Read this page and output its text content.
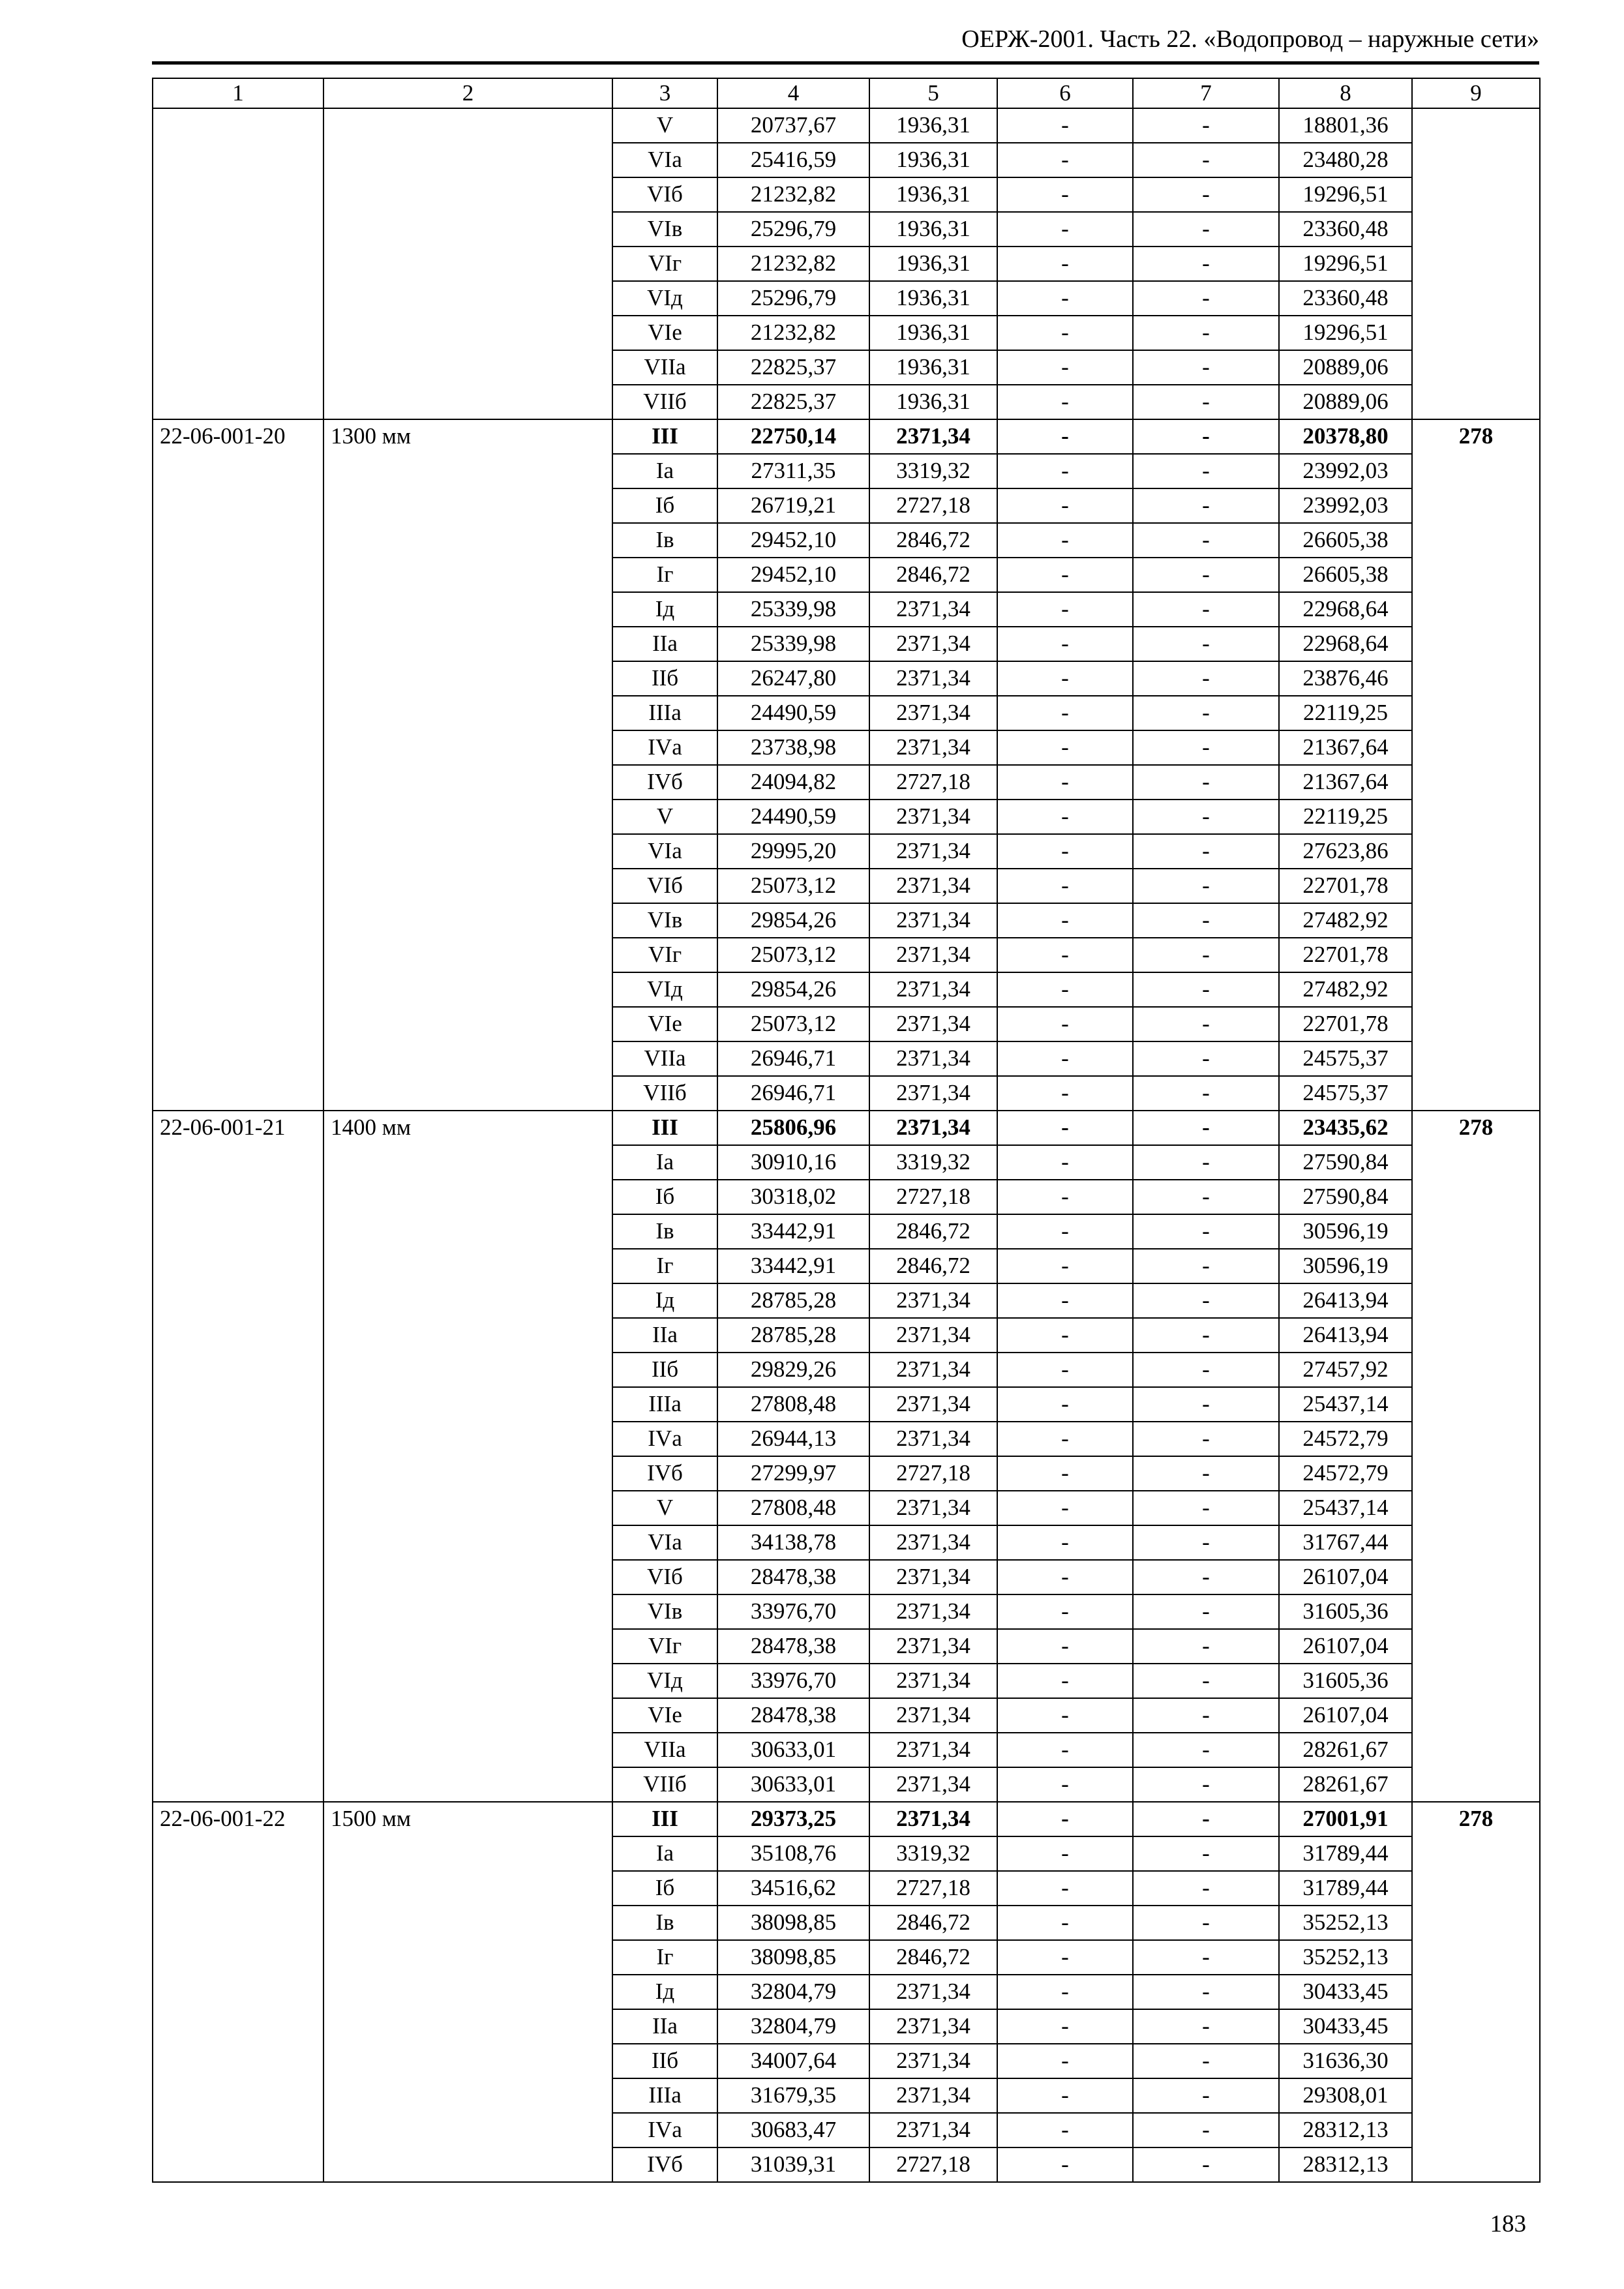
ОЕРЖ-2001. Часть 22. «Водопровод – наружные сети»
1	2	3	4	5	6	7	8	9
		V	20737,67	1936,31	-	-	18801,36	
		VIа	25416,59	1936,31	-	-	23480,28	
		VIб	21232,82	1936,31	-	-	19296,51	
		VIв	25296,79	1936,31	-	-	23360,48	
		VIг	21232,82	1936,31	-	-	19296,51	
		VIд	25296,79	1936,31	-	-	23360,48	
		VIе	21232,82	1936,31	-	-	19296,51	
		VIIа	22825,37	1936,31	-	-	20889,06	
		VIIб	22825,37	1936,31	-	-	20889,06	
22-06-001-20	1300 мм	III	22750,14	2371,34	-	-	20378,80	278
		Iа	27311,35	3319,32	-	-	23992,03	
		Iб	26719,21	2727,18	-	-	23992,03	
		Iв	29452,10	2846,72	-	-	26605,38	
		Iг	29452,10	2846,72	-	-	26605,38	
		Iд	25339,98	2371,34	-	-	22968,64	
		IIа	25339,98	2371,34	-	-	22968,64	
		IIб	26247,80	2371,34	-	-	23876,46	
		IIIа	24490,59	2371,34	-	-	22119,25	
		IVа	23738,98	2371,34	-	-	21367,64	
		IVб	24094,82	2727,18	-	-	21367,64	
		V	24490,59	2371,34	-	-	22119,25	
		VIа	29995,20	2371,34	-	-	27623,86	
		VIб	25073,12	2371,34	-	-	22701,78	
		VIв	29854,26	2371,34	-	-	27482,92	
		VIг	25073,12	2371,34	-	-	22701,78	
		VIд	29854,26	2371,34	-	-	27482,92	
		VIе	25073,12	2371,34	-	-	22701,78	
		VIIа	26946,71	2371,34	-	-	24575,37	
		VIIб	26946,71	2371,34	-	-	24575,37	
22-06-001-21	1400 мм	III	25806,96	2371,34	-	-	23435,62	278
		Iа	30910,16	3319,32	-	-	27590,84	
		Iб	30318,02	2727,18	-	-	27590,84	
		Iв	33442,91	2846,72	-	-	30596,19	
		Iг	33442,91	2846,72	-	-	30596,19	
		Iд	28785,28	2371,34	-	-	26413,94	
		IIа	28785,28	2371,34	-	-	26413,94	
		IIб	29829,26	2371,34	-	-	27457,92	
		IIIа	27808,48	2371,34	-	-	25437,14	
		IVа	26944,13	2371,34	-	-	24572,79	
		IVб	27299,97	2727,18	-	-	24572,79	
		V	27808,48	2371,34	-	-	25437,14	
		VIа	34138,78	2371,34	-	-	31767,44	
		VIб	28478,38	2371,34	-	-	26107,04	
		VIв	33976,70	2371,34	-	-	31605,36	
		VIг	28478,38	2371,34	-	-	26107,04	
		VIд	33976,70	2371,34	-	-	31605,36	
		VIе	28478,38	2371,34	-	-	26107,04	
		VIIа	30633,01	2371,34	-	-	28261,67	
		VIIб	30633,01	2371,34	-	-	28261,67	
22-06-001-22	1500 мм	III	29373,25	2371,34	-	-	27001,91	278
		Iа	35108,76	3319,32	-	-	31789,44	
		Iб	34516,62	2727,18	-	-	31789,44	
		Iв	38098,85	2846,72	-	-	35252,13	
		Iг	38098,85	2846,72	-	-	35252,13	
		Iд	32804,79	2371,34	-	-	30433,45	
		IIа	32804,79	2371,34	-	-	30433,45	
		IIб	34007,64	2371,34	-	-	31636,30	
		IIIа	31679,35	2371,34	-	-	29308,01	
		IVа	30683,47	2371,34	-	-	28312,13	
		IVб	31039,31	2727,18	-	-	28312,13	
183
